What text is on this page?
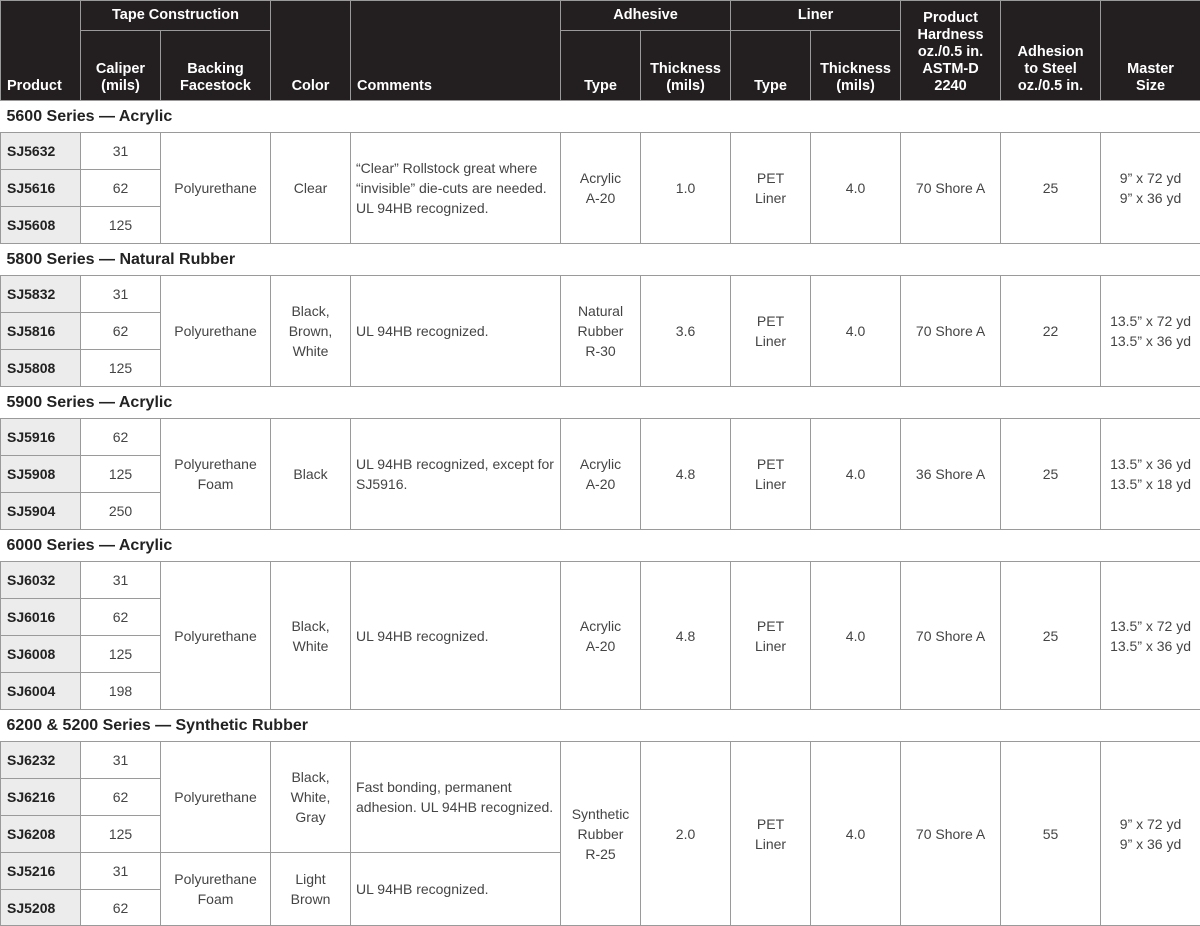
Product	Tape Construction		Color	Comments	Adhesive		Liner		Product
Hardness
oz./0.5 in.
ASTM-D
2240	Adhesion
to Steel
oz./0.5 in.	Master
Size
	Caliper
(mils)	Backing
Facestock			Type	Thickness
(mils)	Type	Thickness
(mils)			
5600 Series — Acrylic											
SJ5632	31	Polyurethane	Clear	“Clear” Rollstock great where “invisible” die-cuts are needed. UL 94HB recognized.	Acrylic
A-20	1.0	PET
Liner	4.0	70 Shore A	25	9” x 72 yd
9” x 36 yd
SJ5616	62										
SJ5608	125										
5800 Series — Natural Rubber											
SJ5832	31	Polyurethane	Black,
Brown,
White	UL 94HB recognized.	Natural
Rubber
R-30	3.6	PET
Liner	4.0	70 Shore A	22	13.5” x 72 yd
13.5” x 36 yd
SJ5816	62										
SJ5808	125										
5900 Series — Acrylic											
SJ5916	62	Polyurethane
Foam	Black	UL 94HB recognized, except for SJ5916.	Acrylic
A-20	4.8	PET
Liner	4.0	36 Shore A	25	13.5” x 36 yd
13.5” x 18 yd
SJ5908	125										
SJ5904	250										
6000 Series — Acrylic											
SJ6032	31	Polyurethane	Black,
White	UL 94HB recognized.	Acrylic
A-20	4.8	PET
Liner	4.0	70 Shore A	25	13.5” x 72 yd
13.5” x 36 yd
SJ6016	62										
SJ6008	125										
SJ6004	198										
6200 & 5200 Series — Synthetic Rubber											
SJ6232	31	Polyurethane	Black,
White,
Gray	Fast bonding, permanent adhesion. UL 94HB recognized.	Synthetic
Rubber
R-25	2.0	PET
Liner	4.0	70 Shore A	55	9” x 72 yd
9” x 36 yd
SJ6216	62										
SJ6208	125										
SJ5216	31	Polyurethane
Foam	Light
Brown	UL 94HB recognized.							
SJ5208	62										
